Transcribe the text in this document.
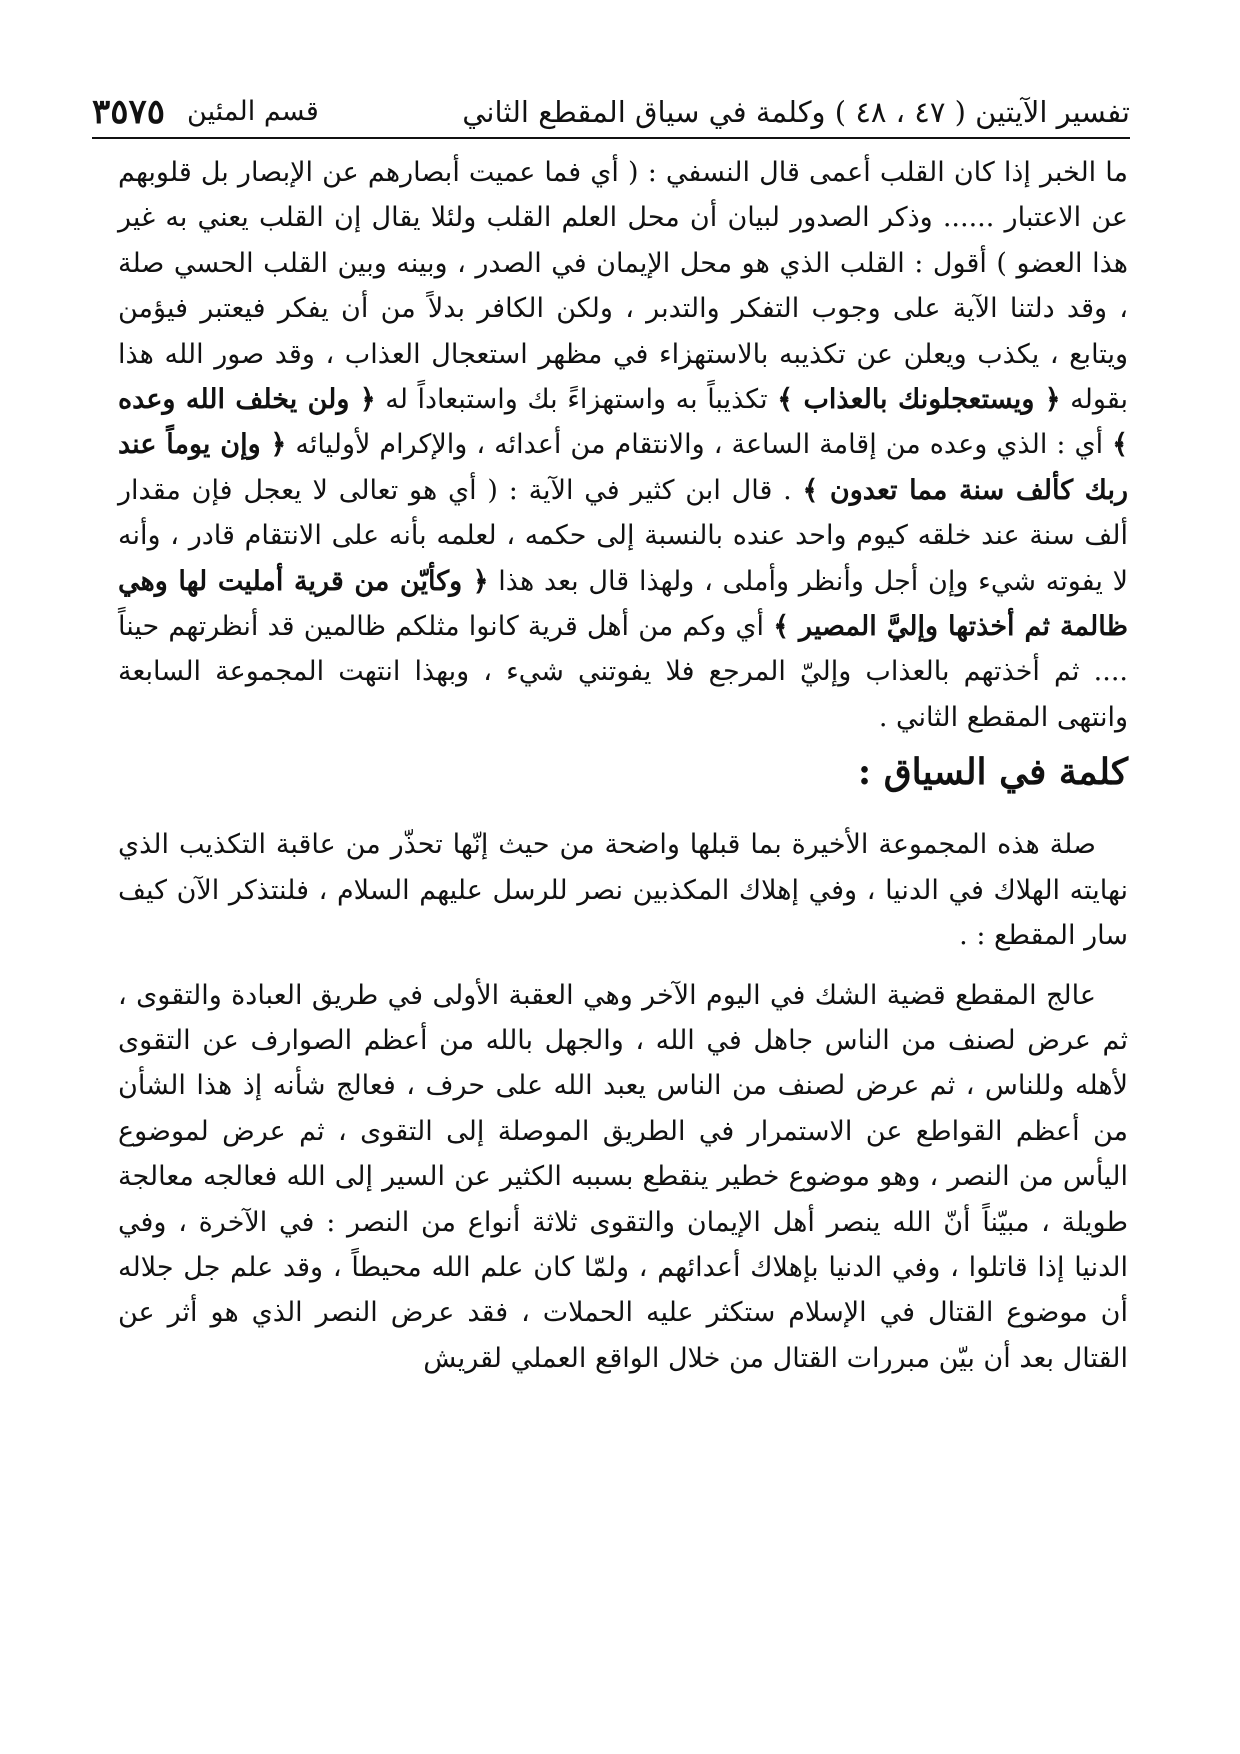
تفسير الآيتين ( ٤٧ ، ٤٨ ) وكلمة في سياق المقطع الثاني
قسم المئين
٣٥٧٥

ما الخبر إذا كان القلب أعمى قال النسفي : ( أي فما عميت أبصارهم عن الإبصار بل قلوبهم عن الاعتبار ...... وذكر الصدور لبيان أن محل العلم القلب ولئلا يقال إن القلب يعني به غير هذا العضو ) أقول : القلب الذي هو محل الإيمان في الصدر ، وبينه وبين القلب الحسي صلة ، وقد دلتنا الآية على وجوب التفكر والتدبر ، ولكن الكافر بدلاً من أن يفكر فيعتبر فيؤمن ويتابع ، يكذب ويعلن عن تكذيبه بالاستهزاء في مظهر استعجال العذاب ، وقد صور الله هذا بقوله ﴿ ويستعجلونك بالعذاب ﴾ تكذيباً به واستهزاءً بك واستبعاداً له ﴿ ولن يخلف الله وعده ﴾ أي : الذي وعده من إقامة الساعة ، والانتقام من أعدائه ، والإكرام لأوليائه ﴿ وإن يوماً عند ربك كألف سنة مما تعدون ﴾ . قال ابن كثير في الآية : ( أي هو تعالى لا يعجل فإن مقدار ألف سنة عند خلقه كيوم واحد عنده بالنسبة إلى حكمه ، لعلمه بأنه على الانتقام قادر ، وأنه لا يفوته شيء وإن أجل وأنظر وأملى ، ولهذا قال بعد هذا ﴿ وكأيّن من قرية أمليت لها وهي ظالمة ثم أخذتها وإليَّ المصير ﴾ أي وكم من أهل قرية كانوا مثلكم ظالمين قد أنظرتهم حيناً .... ثم أخذتهم بالعذاب وإليّ المرجع فلا يفوتني شيء ، وبهذا انتهت المجموعة السابعة وانتهى المقطع الثاني .

كلمة في السياق :

صلة هذه المجموعة الأخيرة بما قبلها واضحة من حيث إنّها تحذّر من عاقبة التكذيب الذي نهايته الهلاك في الدنيا ، وفي إهلاك المكذبين نصر للرسل عليهم السلام ، فلنتذكر الآن كيف سار المقطع : .

عالج المقطع قضية الشك في اليوم الآخر وهي العقبة الأولى في طريق العبادة والتقوى ، ثم عرض لصنف من الناس جاهل في الله ، والجهل بالله من أعظم الصوارف عن التقوى لأهله وللناس ، ثم عرض لصنف من الناس يعبد الله على حرف ، فعالج شأنه إذ هذا الشأن من أعظم القواطع عن الاستمرار في الطريق الموصلة إلى التقوى ، ثم عرض لموضوع اليأس من النصر ، وهو موضوع خطير ينقطع بسببه الكثير عن السير إلى الله فعالجه معالجة طويلة ، مبيّناً أنّ الله ينصر أهل الإيمان والتقوى ثلاثة أنواع من النصر : في الآخرة ، وفي الدنيا إذا قاتلوا ، وفي الدنيا بإهلاك أعدائهم ، ولمّا كان علم الله محيطاً ، وقد علم جل جلاله أن موضوع القتال في الإسلام ستكثر عليه الحملات ، فقد عرض النصر الذي هو أثر عن القتال بعد أن بيّن مبررات القتال من خلال الواقع العملي لقريش
